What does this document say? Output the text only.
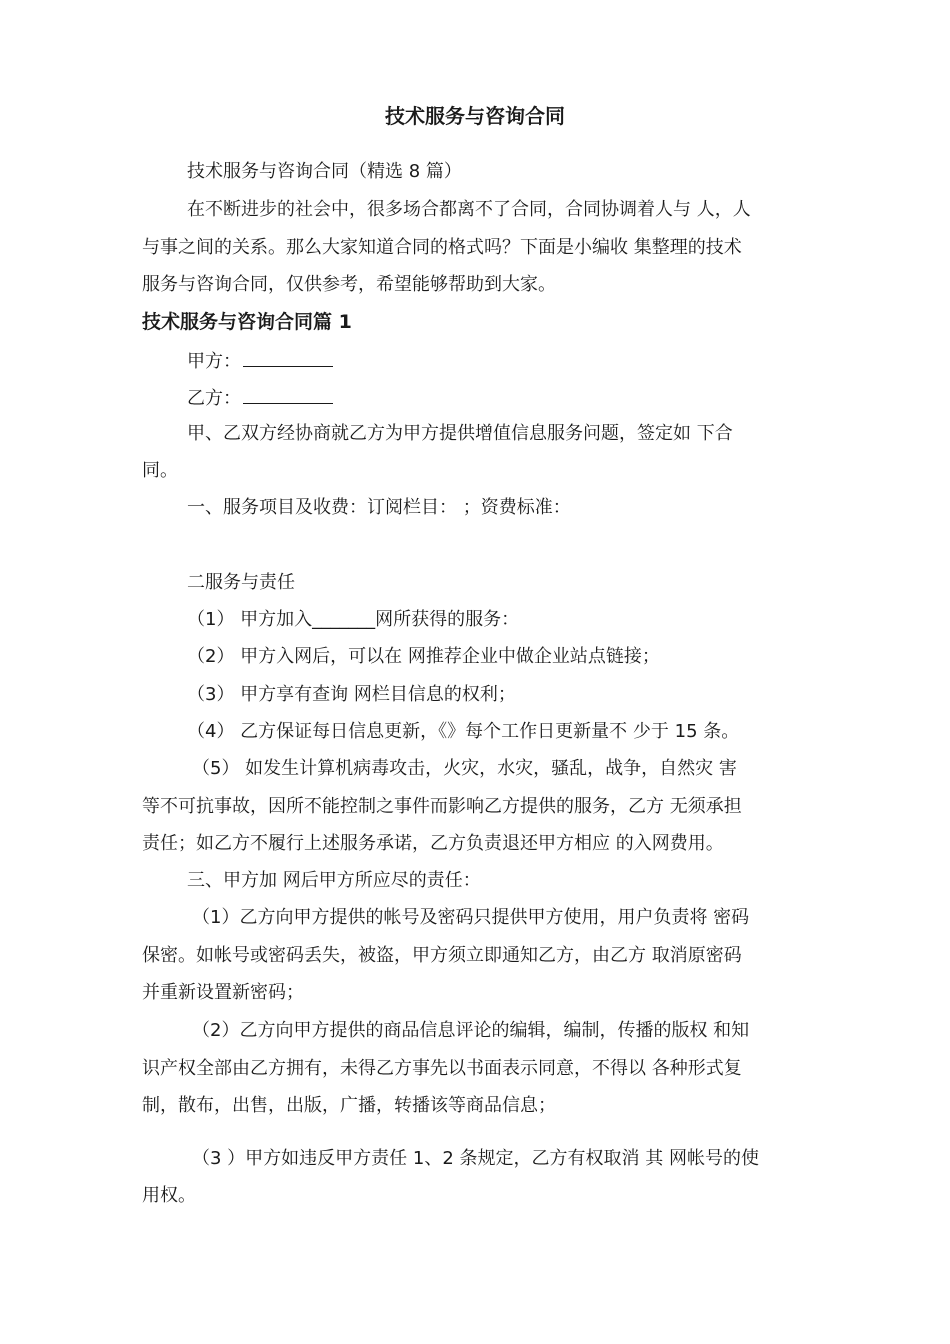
技术服务与咨询合同
技术服务与咨询合同（精选 8 篇）
在不断进步的社会中，很多场合都离不了合同，合同协调着人与 人，人
与事之间的关系。那么大家知道合同的格式吗？下面是小编收 集整理的技术
服务与咨询合同，仅供参考，希望能够帮助到大家。
技术服务与咨询合同篇 1
甲方：
乙方：
甲、乙双方经协商就乙方为甲方提供增值信息服务问题，签定如 下合
同。
一、服务项目及收费：订阅栏目： ；资费标准：
二服务与责任
（1） 甲方加入_______网所获得的服务：
（2） 甲方入网后，可以在 网推荐企业中做企业站点链接；
（3） 甲方享有查询 网栏目信息的权利；
（4） 乙方保证每日信息更新，《》每个工作日更新量不 少于 15 条。
（5） 如发生计算机病毒攻击，火灾，水灾，骚乱，战争，自然灾 害
等不可抗事故，因所不能控制之事件而影响乙方提供的服务，乙方 无须承担
责任；如乙方不履行上述服务承诺，乙方负责退还甲方相应 的入网费用。
三、甲方加 网后甲方所应尽的责任：
（1）乙方向甲方提供的帐号及密码只提供甲方使用，用户负责将 密码
保密。如帐号或密码丢失，被盗，甲方须立即通知乙方，由乙方 取消原密码
并重新设置新密码；
（2）乙方向甲方提供的商品信息评论的编辑，编制，传播的版权 和知
识产权全部由乙方拥有，未得乙方事先以书面表示同意，不得以 各种形式复
制，散布，出售，出版，广播，转播该等商品信息；
（3 ）甲方如违反甲方责任 1、2 条规定，乙方有权取消 其 网帐号的使
用权。
